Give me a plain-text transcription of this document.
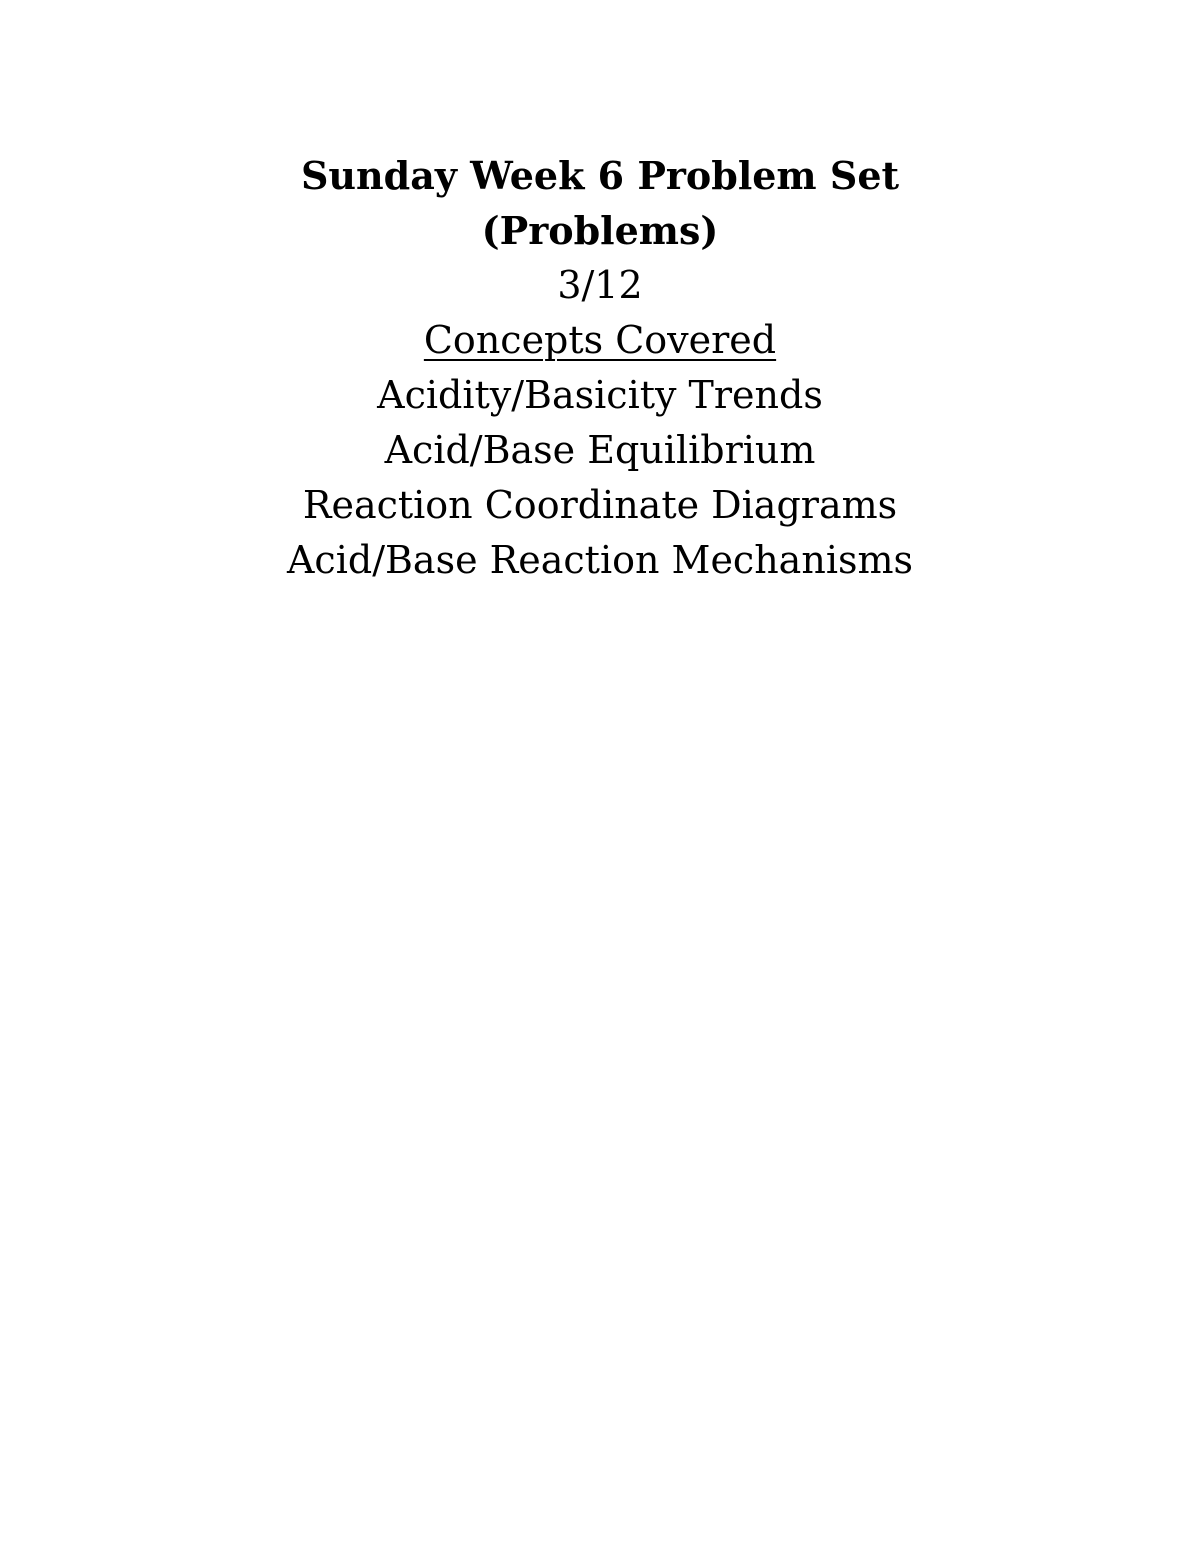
Sunday Week 6 Problem Set
(Problems)
3/12
Concepts Covered
Acidity/Basicity Trends
Acid/Base Equilibrium
Reaction Coordinate Diagrams
Acid/Base Reaction Mechanisms
